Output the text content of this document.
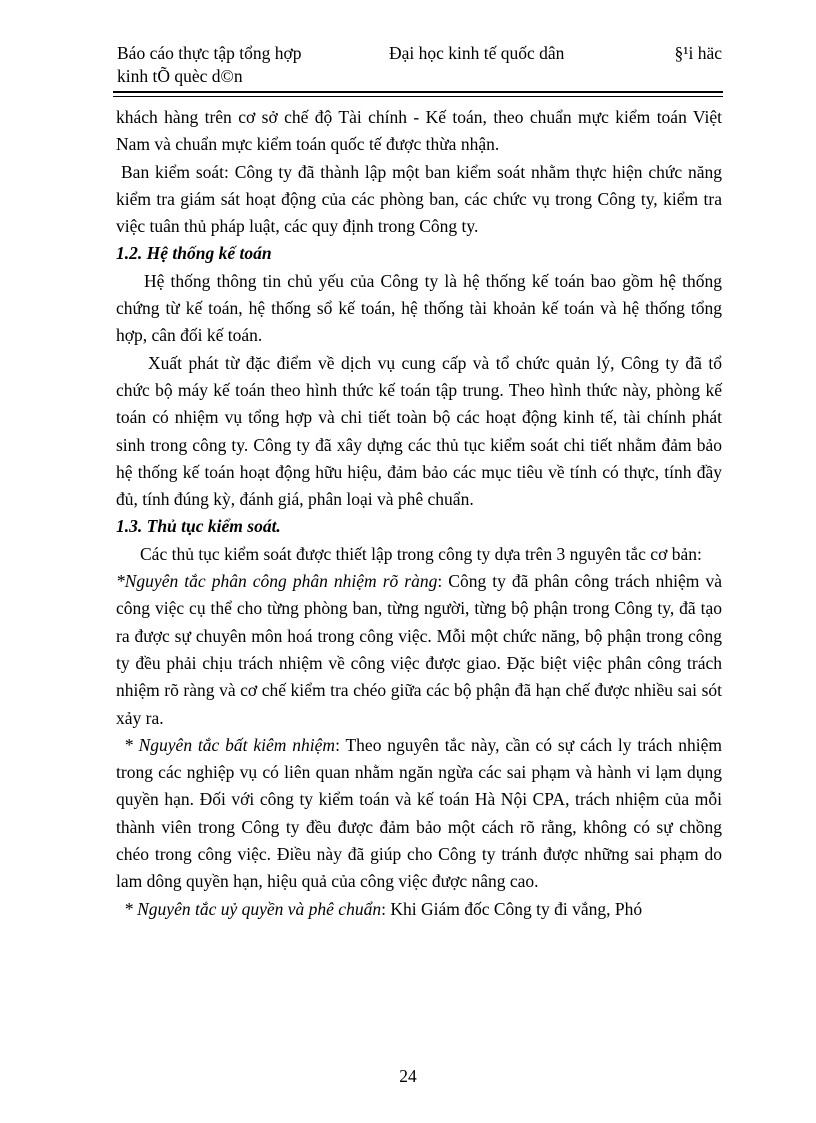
Báo cáo thực tập tổng hợp	Đại học kinh tế quốc dân	§¹i häc
kinh tÕ quèc d©n

khách hàng trên cơ sở chế độ Tài chính - Kế toán, theo chuẩn mực kiểm toán Việt Nam và chuẩn mực kiểm toán quốc tế được thừa nhận.

Ban kiểm soát: Công ty đã thành lập một ban kiểm soát nhằm thực hiện chức năng kiểm tra giám sát hoạt động của các phòng ban, các chức vụ trong Công ty, kiểm tra việc tuân thủ pháp luật, các quy định trong Công ty.

1.2. Hệ thống kế toán

Hệ thống thông tin chủ yếu của Công ty là hệ thống kế toán bao gồm hệ thống chứng từ kế toán, hệ thống sổ kế toán, hệ thống tài khoản kế toán và hệ thống tổng hợp, cân đối kế toán.

Xuất phát từ đặc điểm về dịch vụ cung cấp và tổ chức quản lý, Công ty đã tổ chức bộ máy kế toán theo hình thức kế toán tập trung. Theo hình thức này, phòng kế toán có nhiệm vụ tổng hợp và chi tiết toàn bộ các hoạt động kinh tế, tài chính phát sinh trong công ty. Công ty đã xây dựng các thủ tục kiểm soát chi tiết nhằm đảm bảo hệ thống kế toán hoạt động hữu hiệu, đảm bảo các mục tiêu về tính có thực, tính đầy đủ, tính đúng kỳ, đánh giá, phân loại và phê chuẩn.

1.3. Thủ tục kiểm soát.

Các thủ tục kiểm soát được thiết lập trong công ty dựa trên 3 nguyên tắc cơ bản:

*Nguyên tắc phân công phân nhiệm rõ ràng: Công ty đã phân công trách nhiệm và công việc cụ thể cho từng phòng ban, từng người, từng bộ phận trong Công ty, đã tạo ra được sự chuyên môn hoá trong công việc. Mỗi một chức năng, bộ phận trong công ty đều phải chịu trách nhiệm về công việc được giao. Đặc biệt việc phân công trách nhiệm rõ ràng và cơ chế kiểm tra chéo giữa các bộ phận đã hạn chế được nhiều sai sót xảy ra.

* Nguyên tắc bất kiêm nhiệm: Theo nguyên tắc này, cần có sự cách ly trách nhiệm trong các nghiệp vụ có liên quan nhằm ngăn ngừa các sai phạm và hành vi lạm dụng quyền hạn. Đối với công ty kiểm toán và kế toán Hà Nội CPA, trách nhiệm của mỗi thành viên trong Công ty đều được đảm bảo một cách rõ rằng, không có sự chồng chéo trong công việc. Điều này đã giúp cho Công ty tránh được những sai phạm do lam dông quyền hạn, hiệu quả của công việc được nâng cao.

* Nguyên tắc uỷ quyền và phê chuẩn: Khi Giám đốc Công ty đi vắng, Phó

24
